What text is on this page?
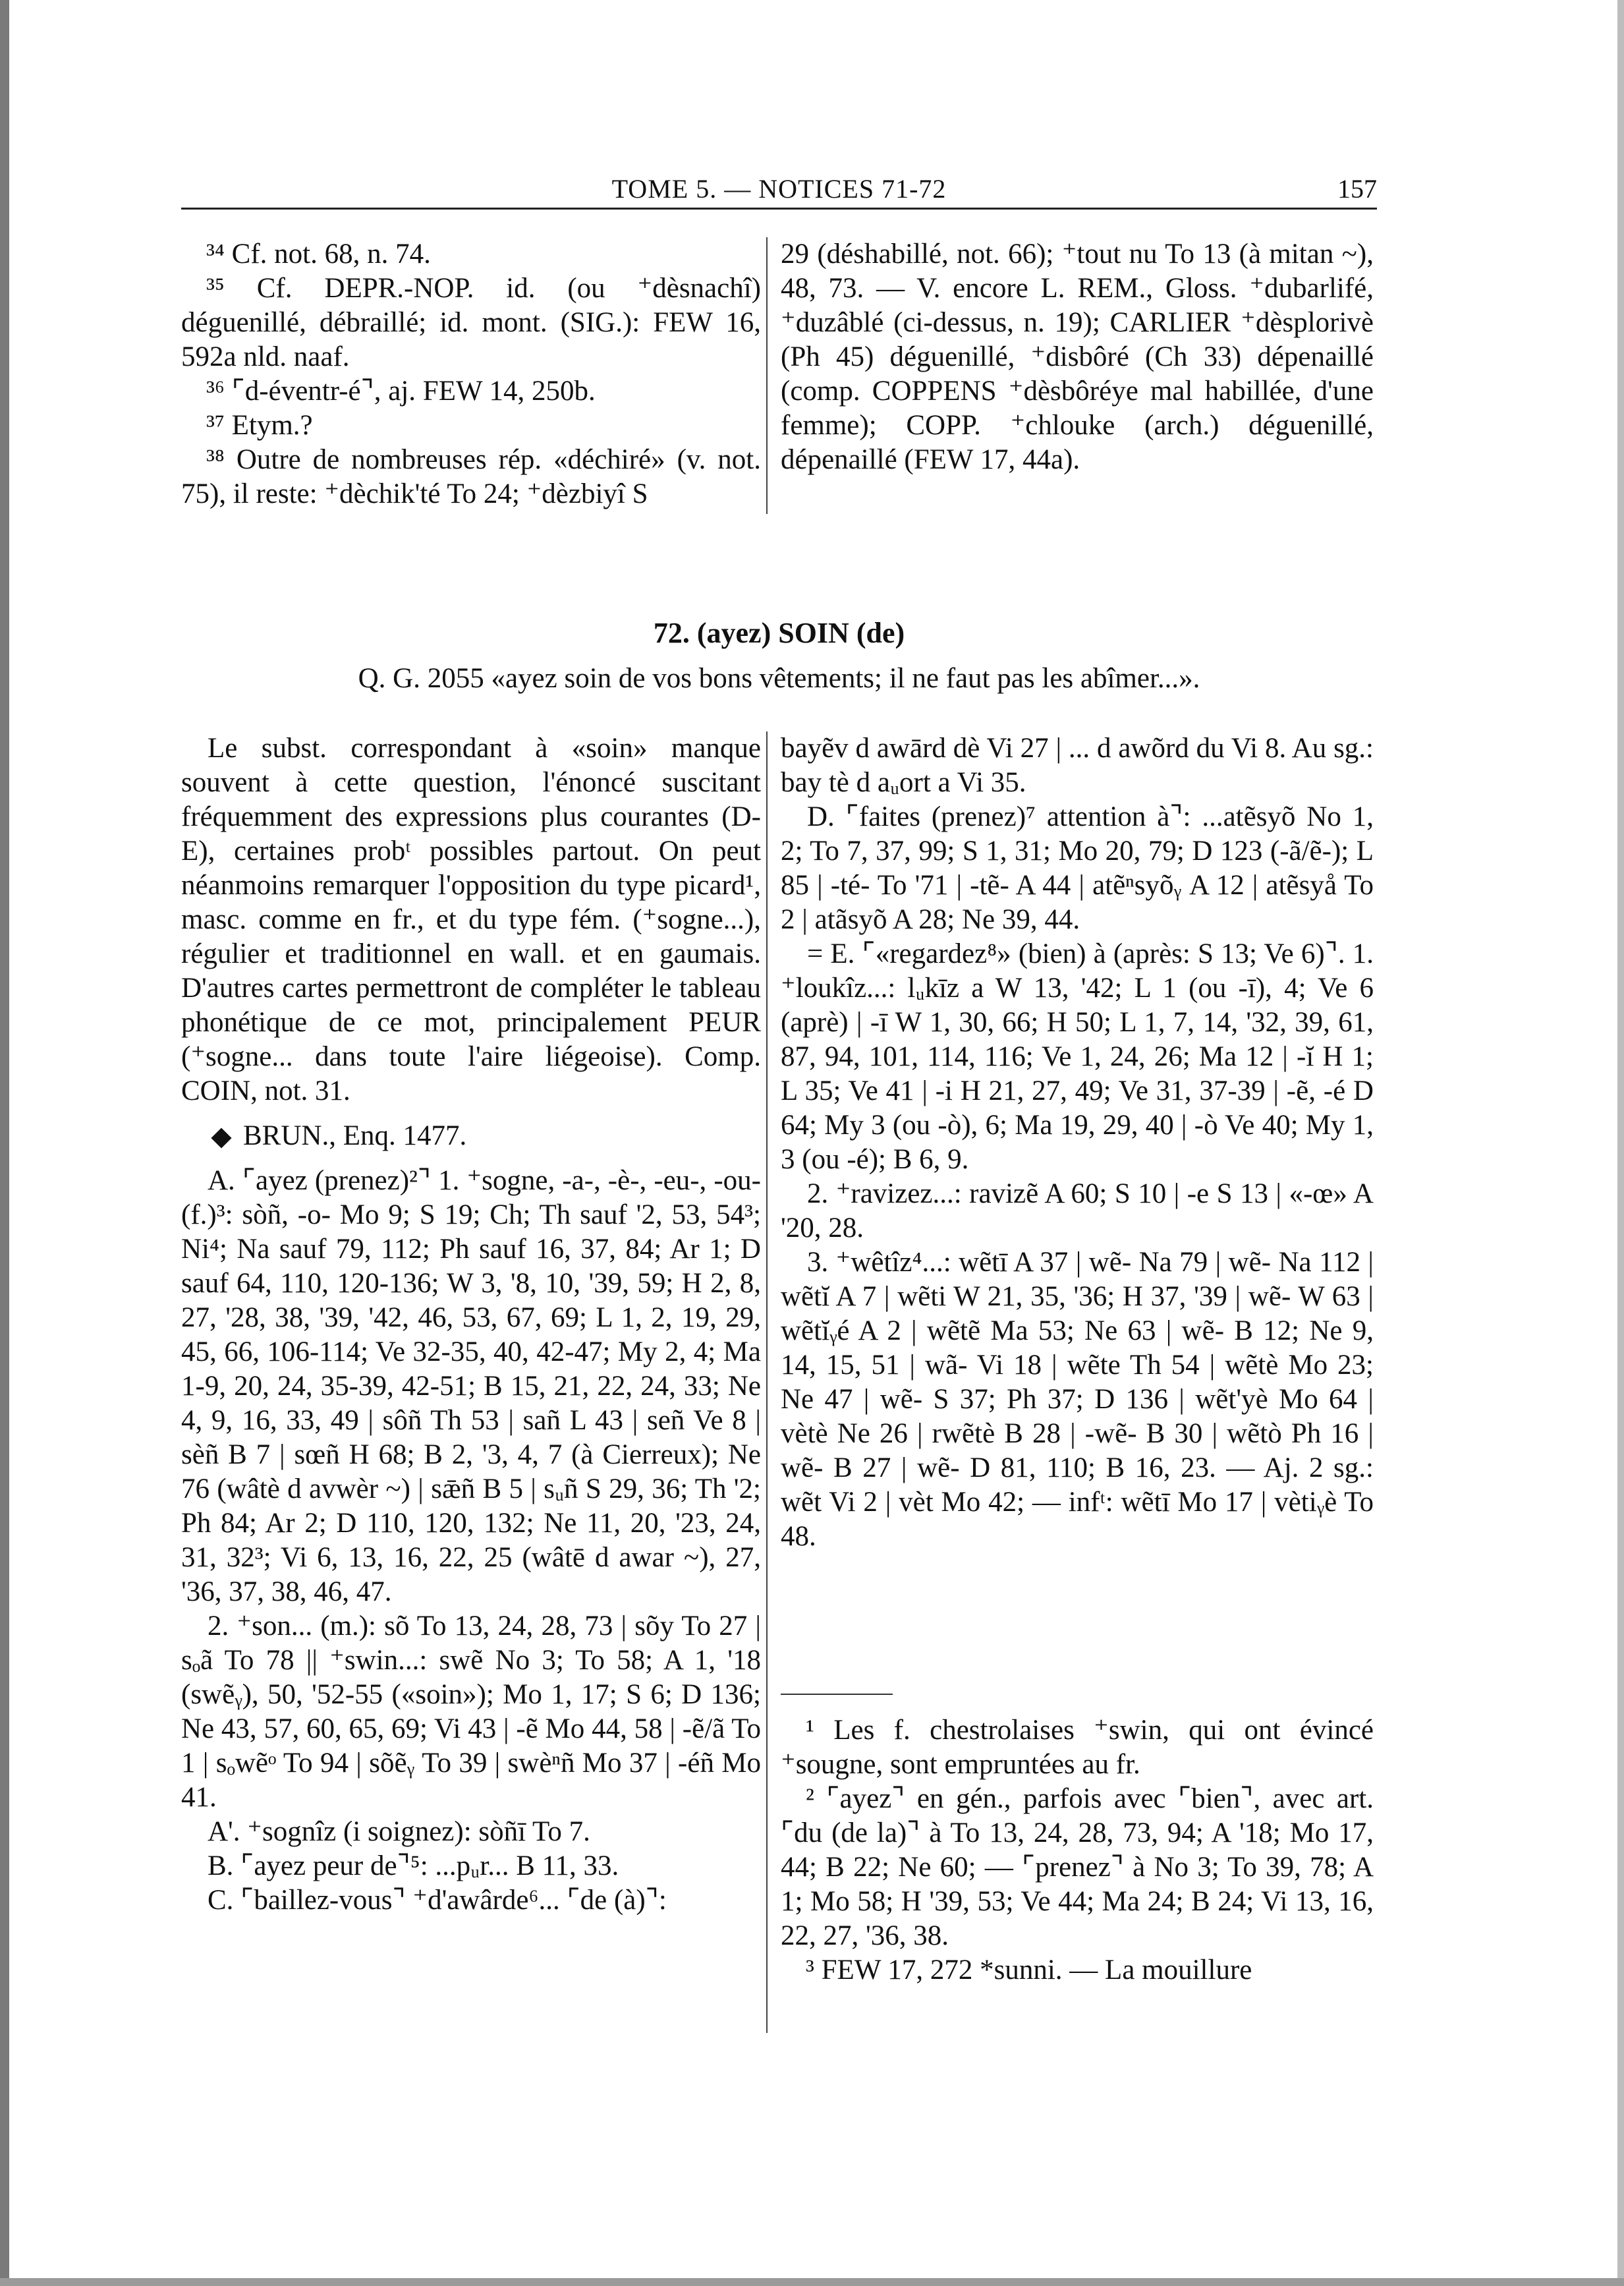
TOME 5. — NOTICES 71-72	157

³⁴ Cf. not. 68, n. 74.

³⁵ Cf. DEPR.-NOP. id. (ou ⁺dèsnachî) déguenillé, débraillé; id. mont. (SIG.): FEW 16, 592a nld. naaf.

³⁶ ⌜d-éventr-é⌝, aj. FEW 14, 250b.

³⁷ Etym.?

³⁸ Outre de nombreuses rép. «déchiré» (v. not. 75), il reste: ⁺dèchik'té To 24; ⁺dèzbiyî S

29 (déshabillé, not. 66); ⁺tout nu To 13 (à mitan ~), 48, 73. — V. encore L. REM., Gloss. ⁺dubarlifé, ⁺duzâblé (ci-dessus, n. 19); CARLIER ⁺dèsplorivè (Ph 45) déguenillé, ⁺disbôré (Ch 33) dépenaillé (comp. COPPENS ⁺dèsbôréye mal habillée, d'une femme); COPP. ⁺chlouke (arch.) déguenillé, dépenaillé (FEW 17, 44a).

72. (ayez) SOIN (de)
Q. G. 2055 «ayez soin de vos bons vêtements; il ne faut pas les abîmer...».

Le subst. correspondant à «soin» manque souvent à cette question, l'énoncé suscitant fréquemment des expressions plus courantes (D-E), certaines probᵗ possibles partout. On peut néanmoins remarquer l'opposition du type picard¹, masc. comme en fr., et du type fém. (⁺sogne...), régulier et traditionnel en wall. et en gaumais. D'autres cartes permettront de compléter le tableau phonétique de ce mot, principalement PEUR (⁺sogne... dans toute l'aire liégeoise). Comp. COIN, not. 31.

BRUN., Enq. 1477.

A. ⌜ayez (prenez)²⌝ 1. ⁺sogne, -a-, -è-, -eu-, -ou- (f.)³: sòñ, -o- Mo 9; S 19; Ch; Th sauf '2, 53, 54³; Ni⁴; Na sauf 79, 112; Ph sauf 16, 37, 84; Ar 1; D sauf 64, 110, 120-136; W 3, '8, 10, '39, 59; H 2, 8, 27, '28, 38, '39, '42, 46, 53, 67, 69; L 1, 2, 19, 29, 45, 66, 106-114; Ve 32-35, 40, 42-47; My 2, 4; Ma 1-9, 20, 24, 35-39, 42-51; B 15, 21, 22, 24, 33; Ne 4, 9, 16, 33, 49 | sôñ Th 53 | sañ L 43 | señ Ve 8 | sèñ B 7 | sœñ H 68; B 2, '3, 4, 7 (à Cierreux); Ne 76 (wâtè d avwèr ~) | sǣñ B 5 | sᵤñ S 29, 36; Th '2; Ph 84; Ar 2; D 110, 120, 132; Ne 11, 20, '23, 24, 31, 32³; Vi 6, 13, 16, 22, 25 (wâtē d awar ~), 27, '36, 37, 38, 46, 47.

2. ⁺son... (m.): sõ To 13, 24, 28, 73 | sõy To 27 | sₒã To 78 || ⁺swin...: swẽ No 3; To 58; A 1, '18 (swẽᵧ), 50, '52-55 («soin»); Mo 1, 17; S 6; D 136; Ne 43, 57, 60, 65, 69; Vi 43 | -ẽ Mo 44, 58 | -ẽ/ã To 1 | sₒwẽᵒ To 94 | sõẽᵧ To 39 | swèⁿñ Mo 37 | -éñ Mo 41.

A'. ⁺sognîz (i soignez): sòñī To 7.

B. ⌜ayez peur de⌝⁵: ...pᵤr... B 11, 33.

C. ⌜baillez-vous⌝ ⁺d'awârde⁶... ⌜de (à)⌝:

bayẽv d awārd dè Vi 27 | ... d awõrd du Vi 8. Au sg.: bay tè d aᵤort a Vi 35.

D. ⌜faites (prenez)⁷ attention à⌝: ...atẽsyõ No 1, 2; To 7, 37, 99; S 1, 31; Mo 20, 79; D 123 (-ã/ẽ-); L 85 | -té- To '71 | -tẽ- A 44 | atẽⁿsyõᵧ A 12 | atẽsyå To 2 | atãsyõ A 28; Ne 39, 44.

= E. ⌜«regardez⁸» (bien) à (après: S 13; Ve 6)⌝. 1. ⁺loukîz...: lᵤkīz a W 13, '42; L 1 (ou -ī), 4; Ve 6 (aprè) | -ī W 1, 30, 66; H 50; L 1, 7, 14, '32, 39, 61, 87, 94, 101, 114, 116; Ve 1, 24, 26; Ma 12 | -ĭ H 1; L 35; Ve 41 | -i H 21, 27, 49; Ve 31, 37-39 | -ẽ, -é D 64; My 3 (ou -ò), 6; Ma 19, 29, 40 | -ò Ve 40; My 1, 3 (ou -é); B 6, 9.

2. ⁺ravizez...: ravizẽ A 60; S 10 | -e S 13 | «-œ» A '20, 28.

3. ⁺wêtîz⁴...: wẽtī A 37 | wẽ- Na 79 | wẽ- Na 112 | wẽtĭ A 7 | wẽti W 21, 35, '36; H 37, '39 | wẽ- W 63 | wẽtĭᵧé A 2 | wẽtẽ Ma 53; Ne 63 | wẽ- B 12; Ne 9, 14, 15, 51 | wã- Vi 18 | wẽte Th 54 | wẽtè Mo 23; Ne 47 | wẽ- S 37; Ph 37; D 136 | wẽt'yè Mo 64 | vètè Ne 26 | rwẽtè B 28 | -wẽ- B 30 | wẽtò Ph 16 | wẽ- B 27 | wẽ- D 81, 110; B 16, 23. — Aj. 2 sg.: wẽt Vi 2 | vèt Mo 42; — infᵗ: wẽtī Mo 17 | vètiᵧè To 48.

¹ Les f. chestrolaises ⁺swin, qui ont évincé ⁺sougne, sont empruntées au fr.

² ⌜ayez⌝ en gén., parfois avec ⌜bien⌝, avec art. ⌜du (de la)⌝ à To 13, 24, 28, 73, 94; A '18; Mo 17, 44; B 22; Ne 60; — ⌜prenez⌝ à No 3; To 39, 78; A 1; Mo 58; H '39, 53; Ve 44; Ma 24; B 24; Vi 13, 16, 22, 27, '36, 38.

³ FEW 17, 272 *sunni. — La mouillure
